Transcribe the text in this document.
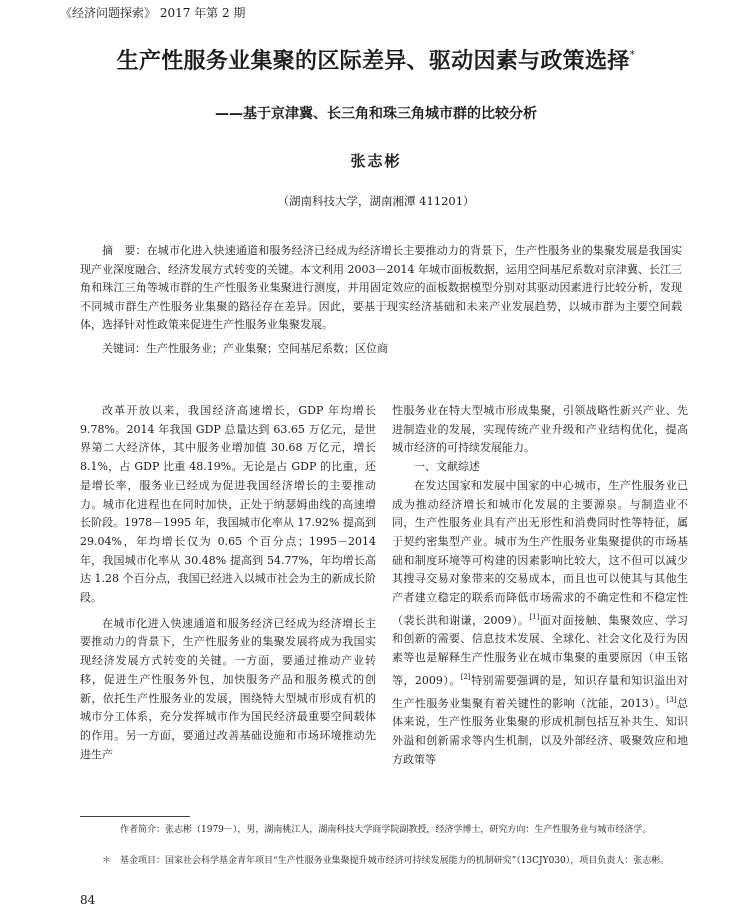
《经济问题探索》 2017 年第 2 期
生产性服务业集聚的区际差异、驱动因素与政策选择*
——基于京津冀、长三角和珠三角城市群的比较分析
张志彬
（湖南科技大学，湖南湘潭 411201）

摘　要：在城市化进入快速通道和服务经济已经成为经济增长主要推动力的背景下，生产性服务业的集聚发展是我国实现产业深度融合、经济发展方式转变的关键。本文利用 2003－2014 年城市面板数据，运用空间基尼系数对京津冀、长江三角和珠江三角等城市群的生产性服务业集聚进行测度，并用固定效应的面板数据模型分别对其驱动因素进行比较分析，发现不同城市群生产性服务业集聚的路径存在差异。因此，要基于现实经济基础和未来产业发展趋势，以城市群为主要空间载体，选择针对性政策来促进生产性服务业集聚发展。

关键词：生产性服务业；产业集聚；空间基尼系数；区位商

改革开放以来，我国经济高速增长，GDP 年均增长 9.78%。2014 年我国 GDP 总量达到 63.65 万亿元，是世界第二大经济体，其中服务业增加值 30.68 万亿元，增长 8.1%，占 GDP 比重 48.19%。无论是占 GDP 的比重，还是增长率，服务业已经成为促进我国经济增长的主要推动力。城市化进程也在同时加快，正处于纳瑟姆曲线的高速增长阶段。1978－1995 年，我国城市化率从 17.92% 提高到 29.04%，年均增长仅为 0.65 个百分点；1995－2014 年，我国城市化率从 30.48% 提高到 54.77%，年均增长高达 1.28 个百分点，我国已经进入以城市社会为主的新成长阶段。

在城市化进入快速通道和服务经济已经成为经济增长主要推动力的背景下，生产性服务业的集聚发展将成为我国实现经济发展方式转变的关键。一方面，要通过推动产业转移，促进生产性服务外包，加快服务产品和服务模式的创新，依托生产性服务业的发展，围绕特大型城市形成有机的城市分工体系，充分发挥城市作为国民经济最重要空间载体的作用。另一方面，要通过改善基础设施和市场环境推动先进生产

性服务业在特大型城市形成集聚，引领战略性新兴产业、先进制造业的发展，实现传统产业升级和产业结构优化，提高城市经济的可持续发展能力。

一、文献综述

在发达国家和发展中国家的中心城市，生产性服务业已成为推动经济增长和城市化发展的主要源泉。与制造业不同，生产性服务业具有产出无形性和消费同时性等特征，属于契约密集型产业。城市为生产性服务业集聚提供的市场基础和制度环境等可构建的因素影响比较大，这不但可以减少其搜寻交易对象带来的交易成本，而且也可以使其与其他生产者建立稳定的联系而降低市场需求的不确定性和不稳定性（裴长洪和谢谦，2009）。[1]面对面接触、集聚效应、学习和创新的需要、信息技术发展、全球化、社会文化及行为因素等也是解释生产性服务业在城市集聚的重要原因（申玉铭等，2009）。[2]特别需要强调的是，知识存量和知识溢出对生产性服务业集聚有着关键性的影响（沈能，2013）。[3]总体来说，生产性服务业集聚的形成机制包括互补共生、知识外溢和创新需求等内生机制，以及外部经济、吸聚效应和地方政策等

作者简介：张志彬（1979－），男，湖南桃江人，湖南科技大学商学院副教授，经济学博士，研究方向：生产性服务业与城市经济学。

＊　基金项目：国家社会科学基金青年项目“生产性服务业集聚提升城市经济可持续发展能力的机制研究”（13CJY030），项目负责人：张志彬。

84
